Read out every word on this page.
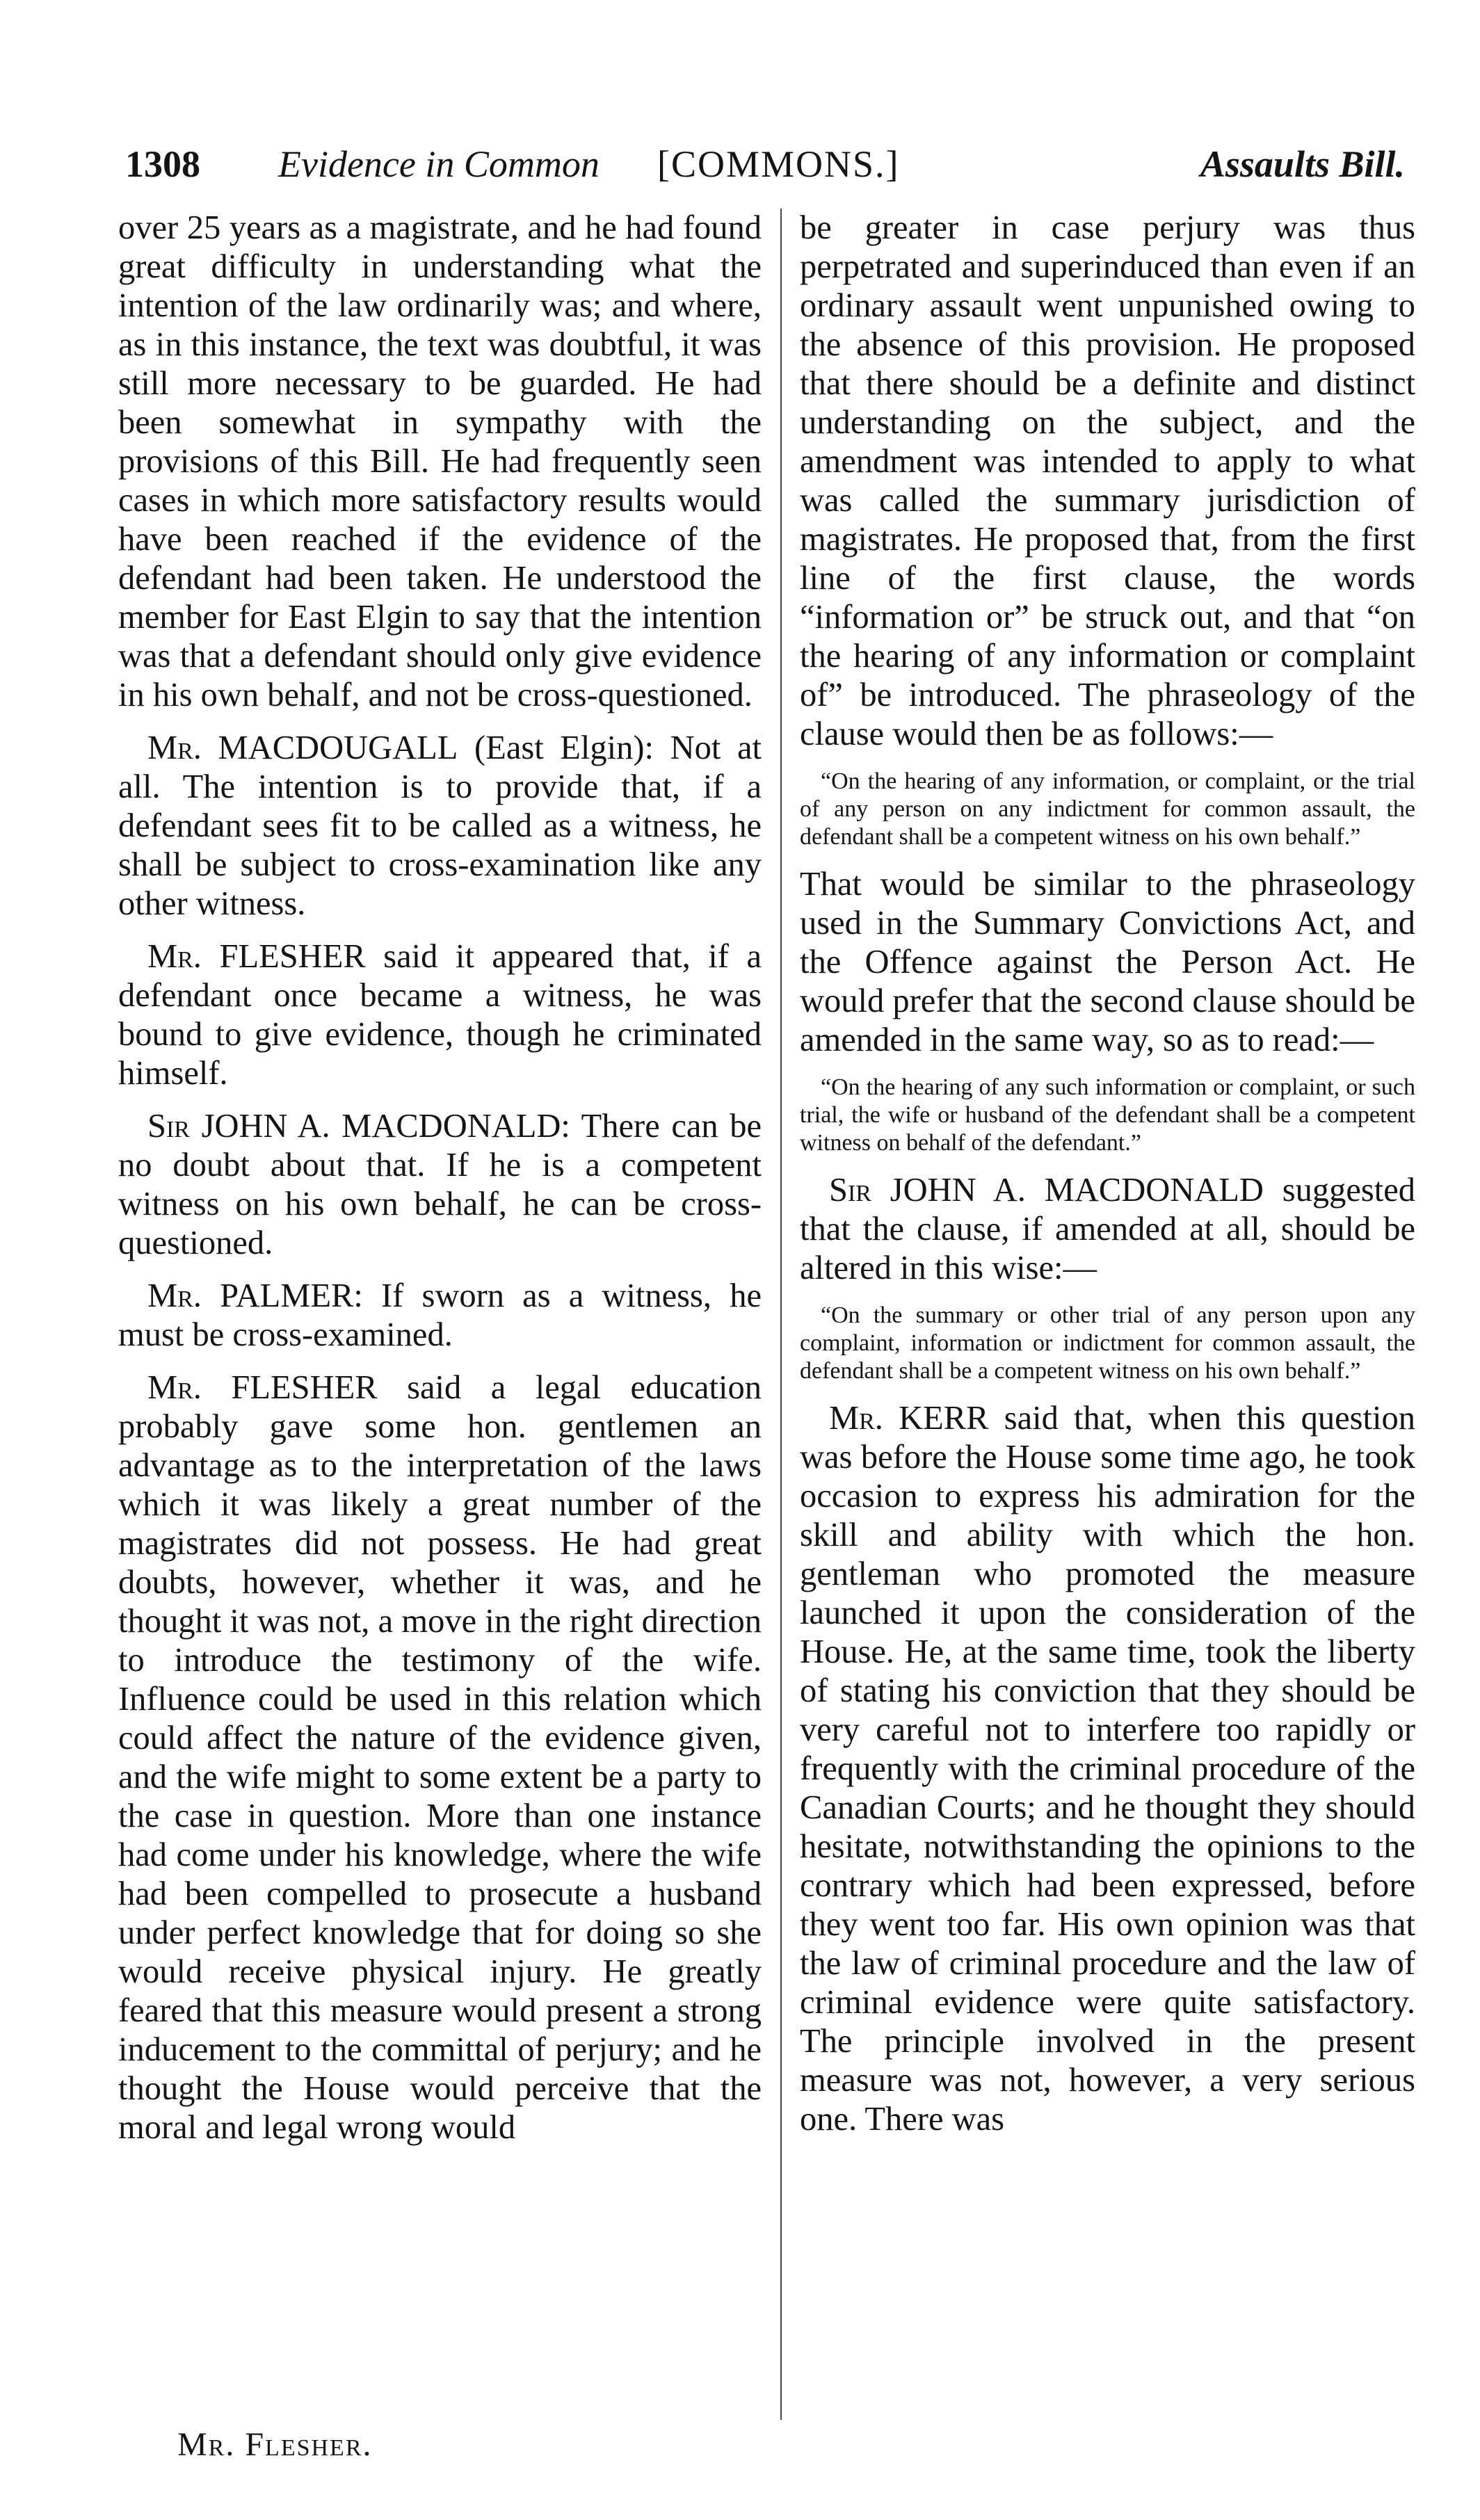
1308 Evidence in Common [COMMONS.]	Assaults Bill.

over 25 years as a magistrate, and he had found great difficulty in understanding what the intention of the law ordinarily was; and where, as in this instance, the text was doubtful, it was still more necessary to be guarded. He had been somewhat in sympathy with the provisions of this Bill. He had frequently seen cases in which more satisfactory results would have been reached if the evidence of the defendant had been taken. He understood the member for East Elgin to say that the intention was that a defendant should only give evidence in his own behalf, and not be cross-questioned.

Mr. MACDOUGALL (East Elgin): Not at all. The intention is to provide that, if a defendant sees fit to be called as a witness, he shall be subject to cross-examination like any other witness.

Mr. FLESHER said it appeared that, if a defendant once became a witness, he was bound to give evidence, though he criminated himself.

Sir JOHN A. MACDONALD: There can be no doubt about that. If he is a competent witness on his own behalf, he can be cross-questioned.

Mr. PALMER: If sworn as a witness, he must be cross-examined.

Mr. FLESHER said a legal education probably gave some hon. gentlemen an advantage as to the interpretation of the laws which it was likely a great number of the magistrates did not possess. He had great doubts, however, whether it was, and he thought it was not, a move in the right direction to introduce the testimony of the wife. Influence could be used in this relation which could affect the nature of the evidence given, and the wife might to some extent be a party to the case in question. More than one instance had come under his knowledge, where the wife had been compelled to prosecute a husband under perfect knowledge that for doing so she would receive physical injury. He greatly feared that this measure would present a strong inducement to the committal of perjury; and he thought the House would perceive that the moral and legal wrong would

be greater in case perjury was thus perpetrated and superinduced than even if an ordinary assault went unpunished owing to the absence of this provision. He proposed that there should be a definite and distinct understanding on the subject, and the amendment was intended to apply to what was called the summary jurisdiction of magistrates. He proposed that, from the first line of the first clause, the words “information or” be struck out, and that “on the hearing of any information or complaint of” be introduced. The phraseology of the clause would then be as follows:—

“On the hearing of any information, or complaint, or the trial of any person on any indictment for common assault, the defendant shall be a competent witness on his own behalf.”

That would be similar to the phraseology used in the Summary Convictions Act, and the Offence against the Person Act. He would prefer that the second clause should be amended in the same way, so as to read:—

“On the hearing of any such information or complaint, or such trial, the wife or husband of the defendant shall be a competent witness on behalf of the defendant.”

Sir JOHN A. MACDONALD suggested that the clause, if amended at all, should be altered in this wise:—

“On the summary or other trial of any person upon any complaint, information or indictment for common assault, the defendant shall be a competent witness on his own behalf.”

Mr. KERR said that, when this question was before the House some time ago, he took occasion to express his admiration for the skill and ability with which the hon. gentleman who promoted the measure launched it upon the consideration of the House. He, at the same time, took the liberty of stating his conviction that they should be very careful not to interfere too rapidly or frequently with the criminal procedure of the Canadian Courts; and he thought they should hesitate, notwithstanding the opinions to the contrary which had been expressed, before they went too far. His own opinion was that the law of criminal procedure and the law of criminal evidence were quite satisfactory. The principle involved in the present measure was not, however, a very serious one. There was

Mr. Flesher.
